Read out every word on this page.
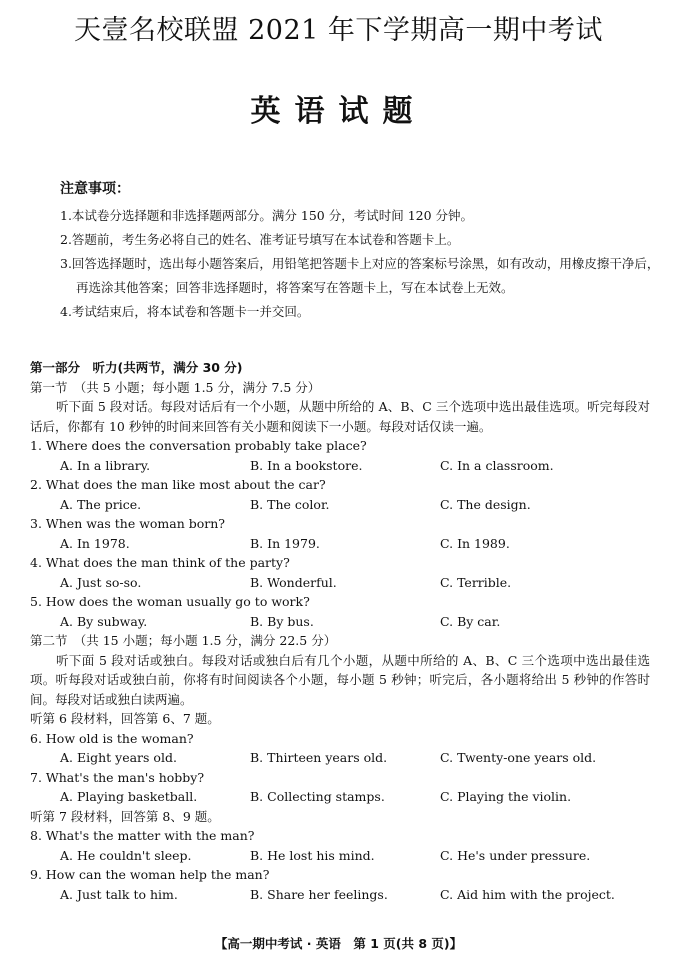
天壹名校联盟 2021 年下学期高一期中考试
英语试题
注意事项：
1.本试卷分选择题和非选择题两部分。满分 150 分，考试时间 120 分钟。
2.答题前，考生务必将自己的姓名、准考证号填写在本试卷和答题卡上。
3.回答选择题时，选出每小题答案后，用铅笔把答题卡上对应的答案标号涂黑，如有改动，用橡皮擦干净后，再选涂其他答案；回答非选择题时，将答案写在答题卡上，写在本试卷上无效。
4.考试结束后，将本试卷和答题卡一并交回。
第一部分　听力(共两节，满分 30 分)
第一节　（共 5 小题；每小题 1.5 分，满分 7.5 分）
听下面 5 段对话。每段对话后有一个小题，从题中所给的 A、B、C 三个选项中选出最佳选项。听完每段对话后，你都有 10 秒钟的时间来回答有关小题和阅读下一小题。每段对话仅读一遍。
1. Where does the conversation probably take place?
A. In a library.	B. In a bookstore.	C. In a classroom.
2. What does the man like most about the car?
A. The price.	B. The color.	C. The design.
3. When was the woman born?
A. In 1978.	B. In 1979.	C. In 1989.
4. What does the man think of the party?
A. Just so-so.	B. Wonderful.	C. Terrible.
5. How does the woman usually go to work?
A. By subway.	B. By bus.	C. By car.
第二节　（共 15 小题；每小题 1.5 分，满分 22.5 分）
听下面 5 段对话或独白。每段对话或独白后有几个小题，从题中所给的 A、B、C 三个选项中选出最佳选项。听每段对话或独白前，你将有时间阅读各个小题，每小题 5 秒钟；听完后，各小题将给出 5 秒钟的作答时间。每段对话或独白读两遍。
听第 6 段材料，回答第 6、7 题。
6. How old is the woman?
A. Eight years old.	B. Thirteen years old.	C. Twenty-one years old.
7. What's the man's hobby?
A. Playing basketball.	B. Collecting stamps.	C. Playing the violin.
听第 7 段材料，回答第 8、9 题。
8. What's the matter with the man?
A. He couldn't sleep.	B. He lost his mind.	C. He's under pressure.
9. How can the woman help the man?
A. Just talk to him.	B. Share her feelings.	C. Aid him with the project.
【高一期中考试 · 英语　第 1 页(共 8 页)】
